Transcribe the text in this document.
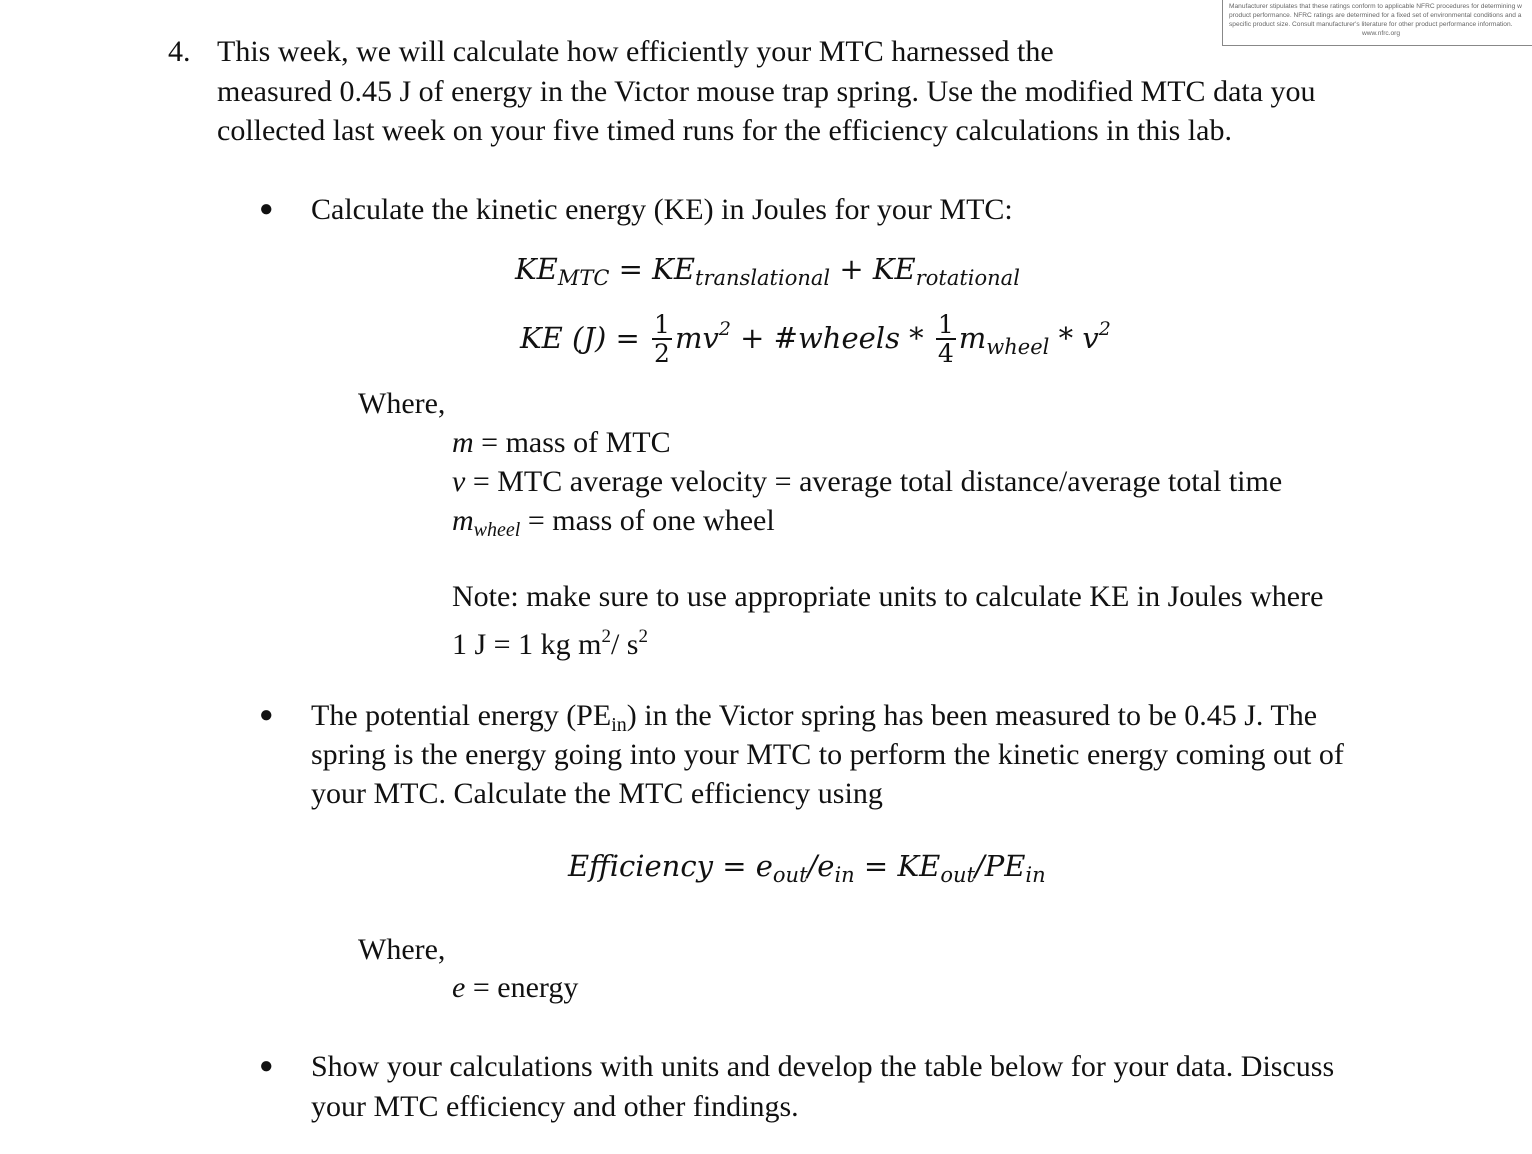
Manufacturer stipulates that these ratings conform to applicable NFRC procedures for determining w
product performance. NFRC ratings are determined for a fixed set of environmental conditions and a
specific product size. Consult manufacturer's literature for other product performance information.

www.nfrc.org
4. This week, we will calculate how efficiently your MTC harnessed the
measured 0.45 J of energy in the Victor mouse trap spring. Use the modified MTC data you
collected last week on your five timed runs for the efficiency calculations in this lab.
● Calculate the kinetic energy (KE) in Joules for your MTC:
$KE_{MTC} = KE_{translational} + KE_{rotational}$
KE $(J) = \frac{1}{2} mv^2$ + #wheels * $\frac{1}{4} m_{wheel} * v^2$
Where,
m = mass of MTC
v = MTC average velocity = average total distance/average total time
$m_{wheel}$ = mass of one wheel
Note: make sure to use appropriate units to calculate KE in Joules where
1 J = 1 kg $m^2/$ $s^2$
● The potential energy $(PE_{in})$ in the Victor spring has been measured to be 0.45 J. The
spring is the energy going into your MTC to perform the kinetic energy coming out of
your MTC. Calculate the MTC efficiency using
Efficiency = $e_{out}/e_{in} = KE_{out}/PE_{in}$
Where,
e = energy
● Show your calculations with units and develop the table below for your data. Discuss
your MTC efficiency and other findings.
